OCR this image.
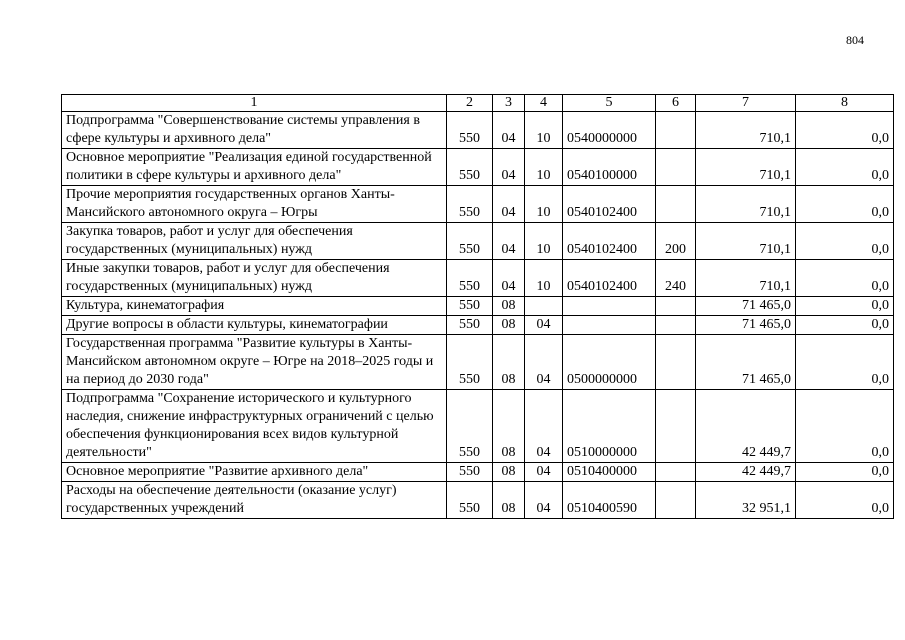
804
1	2	3	4	5	6	7	8
Подпрограмма "Совершенствование системы управления в сфере культуры и архивного дела"	550	04	10	0540000000		710,1	0,0
Основное мероприятие "Реализация единой государственной политики в сфере культуры и архивного дела"	550	04	10	0540100000		710,1	0,0
Прочие мероприятия государственных органов Ханты-Мансийского автономного округа – Югры	550	04	10	0540102400		710,1	0,0
Закупка товаров, работ и услуг для обеспечения государственных (муниципальных) нужд	550	04	10	0540102400	200	710,1	0,0
Иные закупки товаров, работ и услуг для обеспечения государственных (муниципальных) нужд	550	04	10	0540102400	240	710,1	0,0
Культура, кинематография	550	08				71 465,0	0,0
Другие вопросы в области культуры, кинематографии	550	08	04			71 465,0	0,0
Государственная программа "Развитие культуры в Ханты-Мансийском автономном округе – Югре на 2018–2025 годы и на период до 2030 года"	550	08	04	0500000000		71 465,0	0,0
Подпрограмма "Сохранение исторического и культурного наследия, снижение инфраструктурных ограничений с целью обеспечения функционирования всех видов культурной деятельности"	550	08	04	0510000000		42 449,7	0,0
Основное мероприятие "Развитие архивного дела"	550	08	04	0510400000		42 449,7	0,0
Расходы на обеспечение деятельности (оказание услуг) государственных учреждений	550	08	04	0510400590		32 951,1	0,0
